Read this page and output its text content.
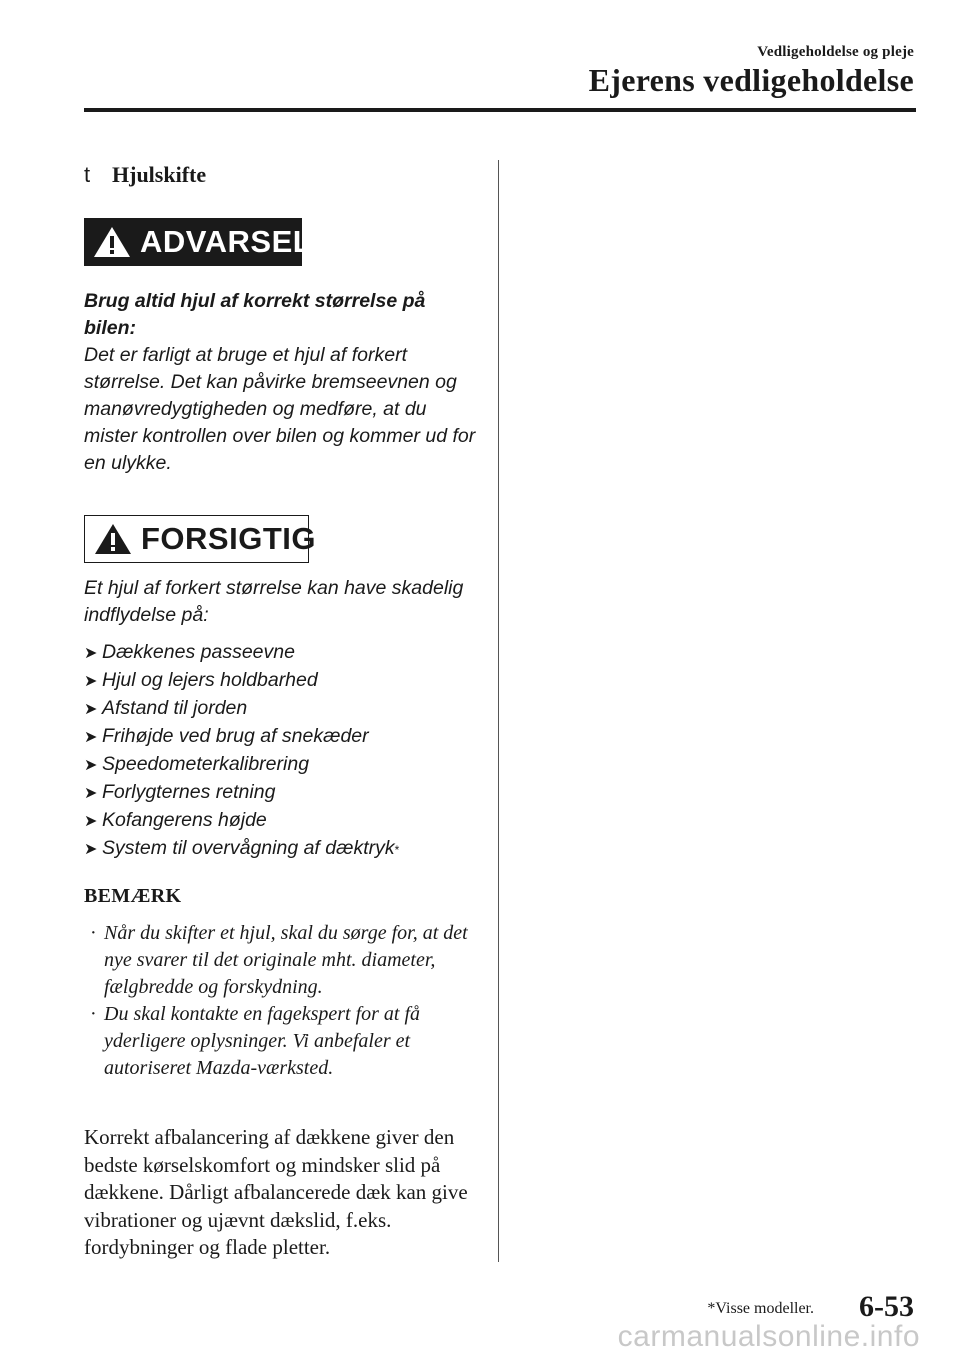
Vedligeholdelse og pleje
Ejerens vedligeholdelse
t Hjulskifte
ADVARSEL
Brug altid hjul af korrekt størrelse på bilen:
Det er farligt at bruge et hjul af forkert størrelse. Det kan påvirke bremseevnen og manøvredygtigheden og medføre, at du mister kontrollen over bilen og kommer ud for en ulykke.
FORSIGTIG
Et hjul af forkert størrelse kan have skadelig indflydelse på:
➤ Dækkenes passeevne
➤ Hjul og lejers holdbarhed
➤ Afstand til jorden
➤ Frihøjde ved brug af snekæder
➤ Speedometerkalibrering
➤ Forlygternes retning
➤ Kofangerens højde
➤ System til overvågning af dæktryk *
BEMÆRK
· Når du skifter et hjul, skal du sørge for, at det nye svarer til det originale mht. diameter, fælgbredde og forskydning.
· Du skal kontakte en fagekspert for at få yderligere oplysninger. Vi anbefaler et autoriseret Mazda-værksted.
Korrekt afbalancering af dækkene giver den bedste kørselskomfort og mindsker slid på dækkene. Dårligt afbalancerede dæk kan give vibrationer og ujævnt dækslid, f.eks. fordybninger og flade pletter.
*Visse modeller. 6-53
carmanualsonline.info
